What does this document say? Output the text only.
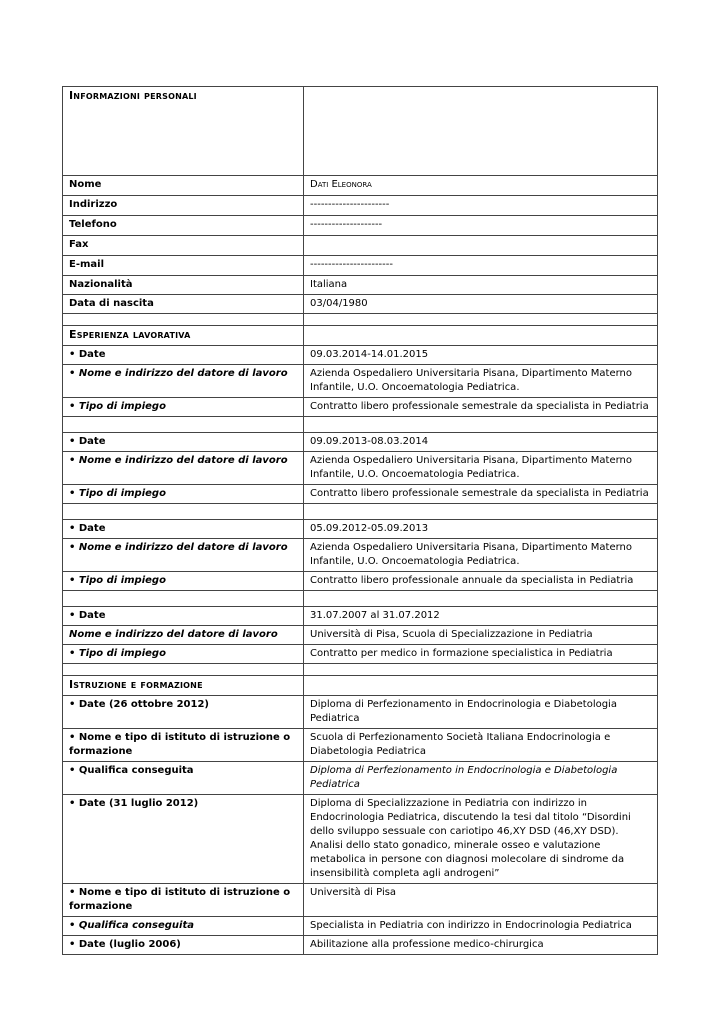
Informazioni personali	
Nome	Dati Eleonora
Indirizzo	----------------------
Telefono	--------------------
Fax	
E-mail	-----------------------
Nazionalità	Italiana
Data di nascita	03/04/1980

Esperienza lavorativa	
• Date	09.03.2014-14.01.2015
• Nome e indirizzo del datore di lavoro	Azienda Ospedaliero Universitaria Pisana, Dipartimento Materno Infantile, U.O. Oncoematologia Pediatrica.
• Tipo di impiego	Contratto libero professionale semestrale da specialista in Pediatria

• Date	09.09.2013-08.03.2014
• Nome e indirizzo del datore di lavoro	Azienda Ospedaliero Universitaria Pisana, Dipartimento Materno Infantile, U.O. Oncoematologia Pediatrica.
• Tipo di impiego	Contratto libero professionale semestrale da specialista in Pediatria

• Date	05.09.2012-05.09.2013
• Nome e indirizzo del datore di lavoro	Azienda Ospedaliero Universitaria Pisana, Dipartimento Materno Infantile, U.O. Oncoematologia Pediatrica.
• Tipo di impiego	Contratto libero professionale annuale da specialista in Pediatria

• Date	31.07.2007 al 31.07.2012
Nome e indirizzo del datore di lavoro	Università di Pisa, Scuola di Specializzazione in Pediatria
• Tipo di impiego	Contratto per medico in formazione specialistica in Pediatria

Istruzione e formazione	
• Date (26 ottobre 2012)	Diploma di Perfezionamento in Endocrinologia e Diabetologia Pediatrica
• Nome e tipo di istituto di istruzione o formazione	Scuola di Perfezionamento Società Italiana Endocrinologia e Diabetologia Pediatrica
• Qualifica conseguita	Diploma di Perfezionamento in Endocrinologia e Diabetologia Pediatrica
• Date (31 luglio 2012)	Diploma di Specializzazione in Pediatria con indirizzo in Endocrinologia Pediatrica, discutendo la tesi dal titolo “Disordini dello sviluppo sessuale con cariotipo 46,XY DSD (46,XY DSD). Analisi dello stato gonadico, minerale osseo e valutazione metabolica in persone con diagnosi molecolare di sindrome da insensibilità completa agli androgeni”
• Nome e tipo di istituto di istruzione o formazione	Università di Pisa
• Qualifica conseguita	Specialista in Pediatria con indirizzo in Endocrinologia Pediatrica
• Date (luglio 2006)	Abilitazione alla professione medico-chirurgica
